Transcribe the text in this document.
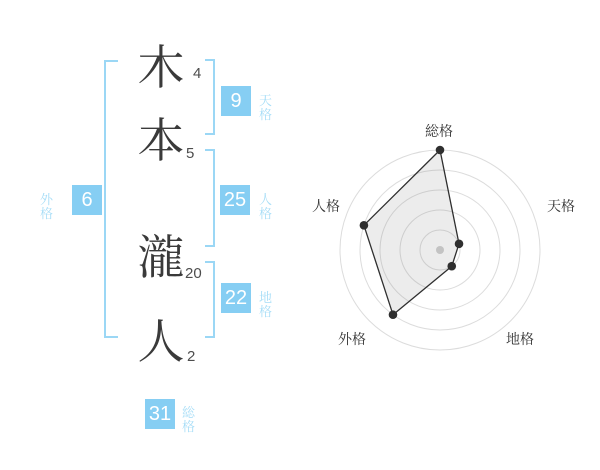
木
本
瀧
人
4
5
20
2
9	天格
25 人格
22 地格
6
外格
31 総格
総格
天格
地格
外格
人格
